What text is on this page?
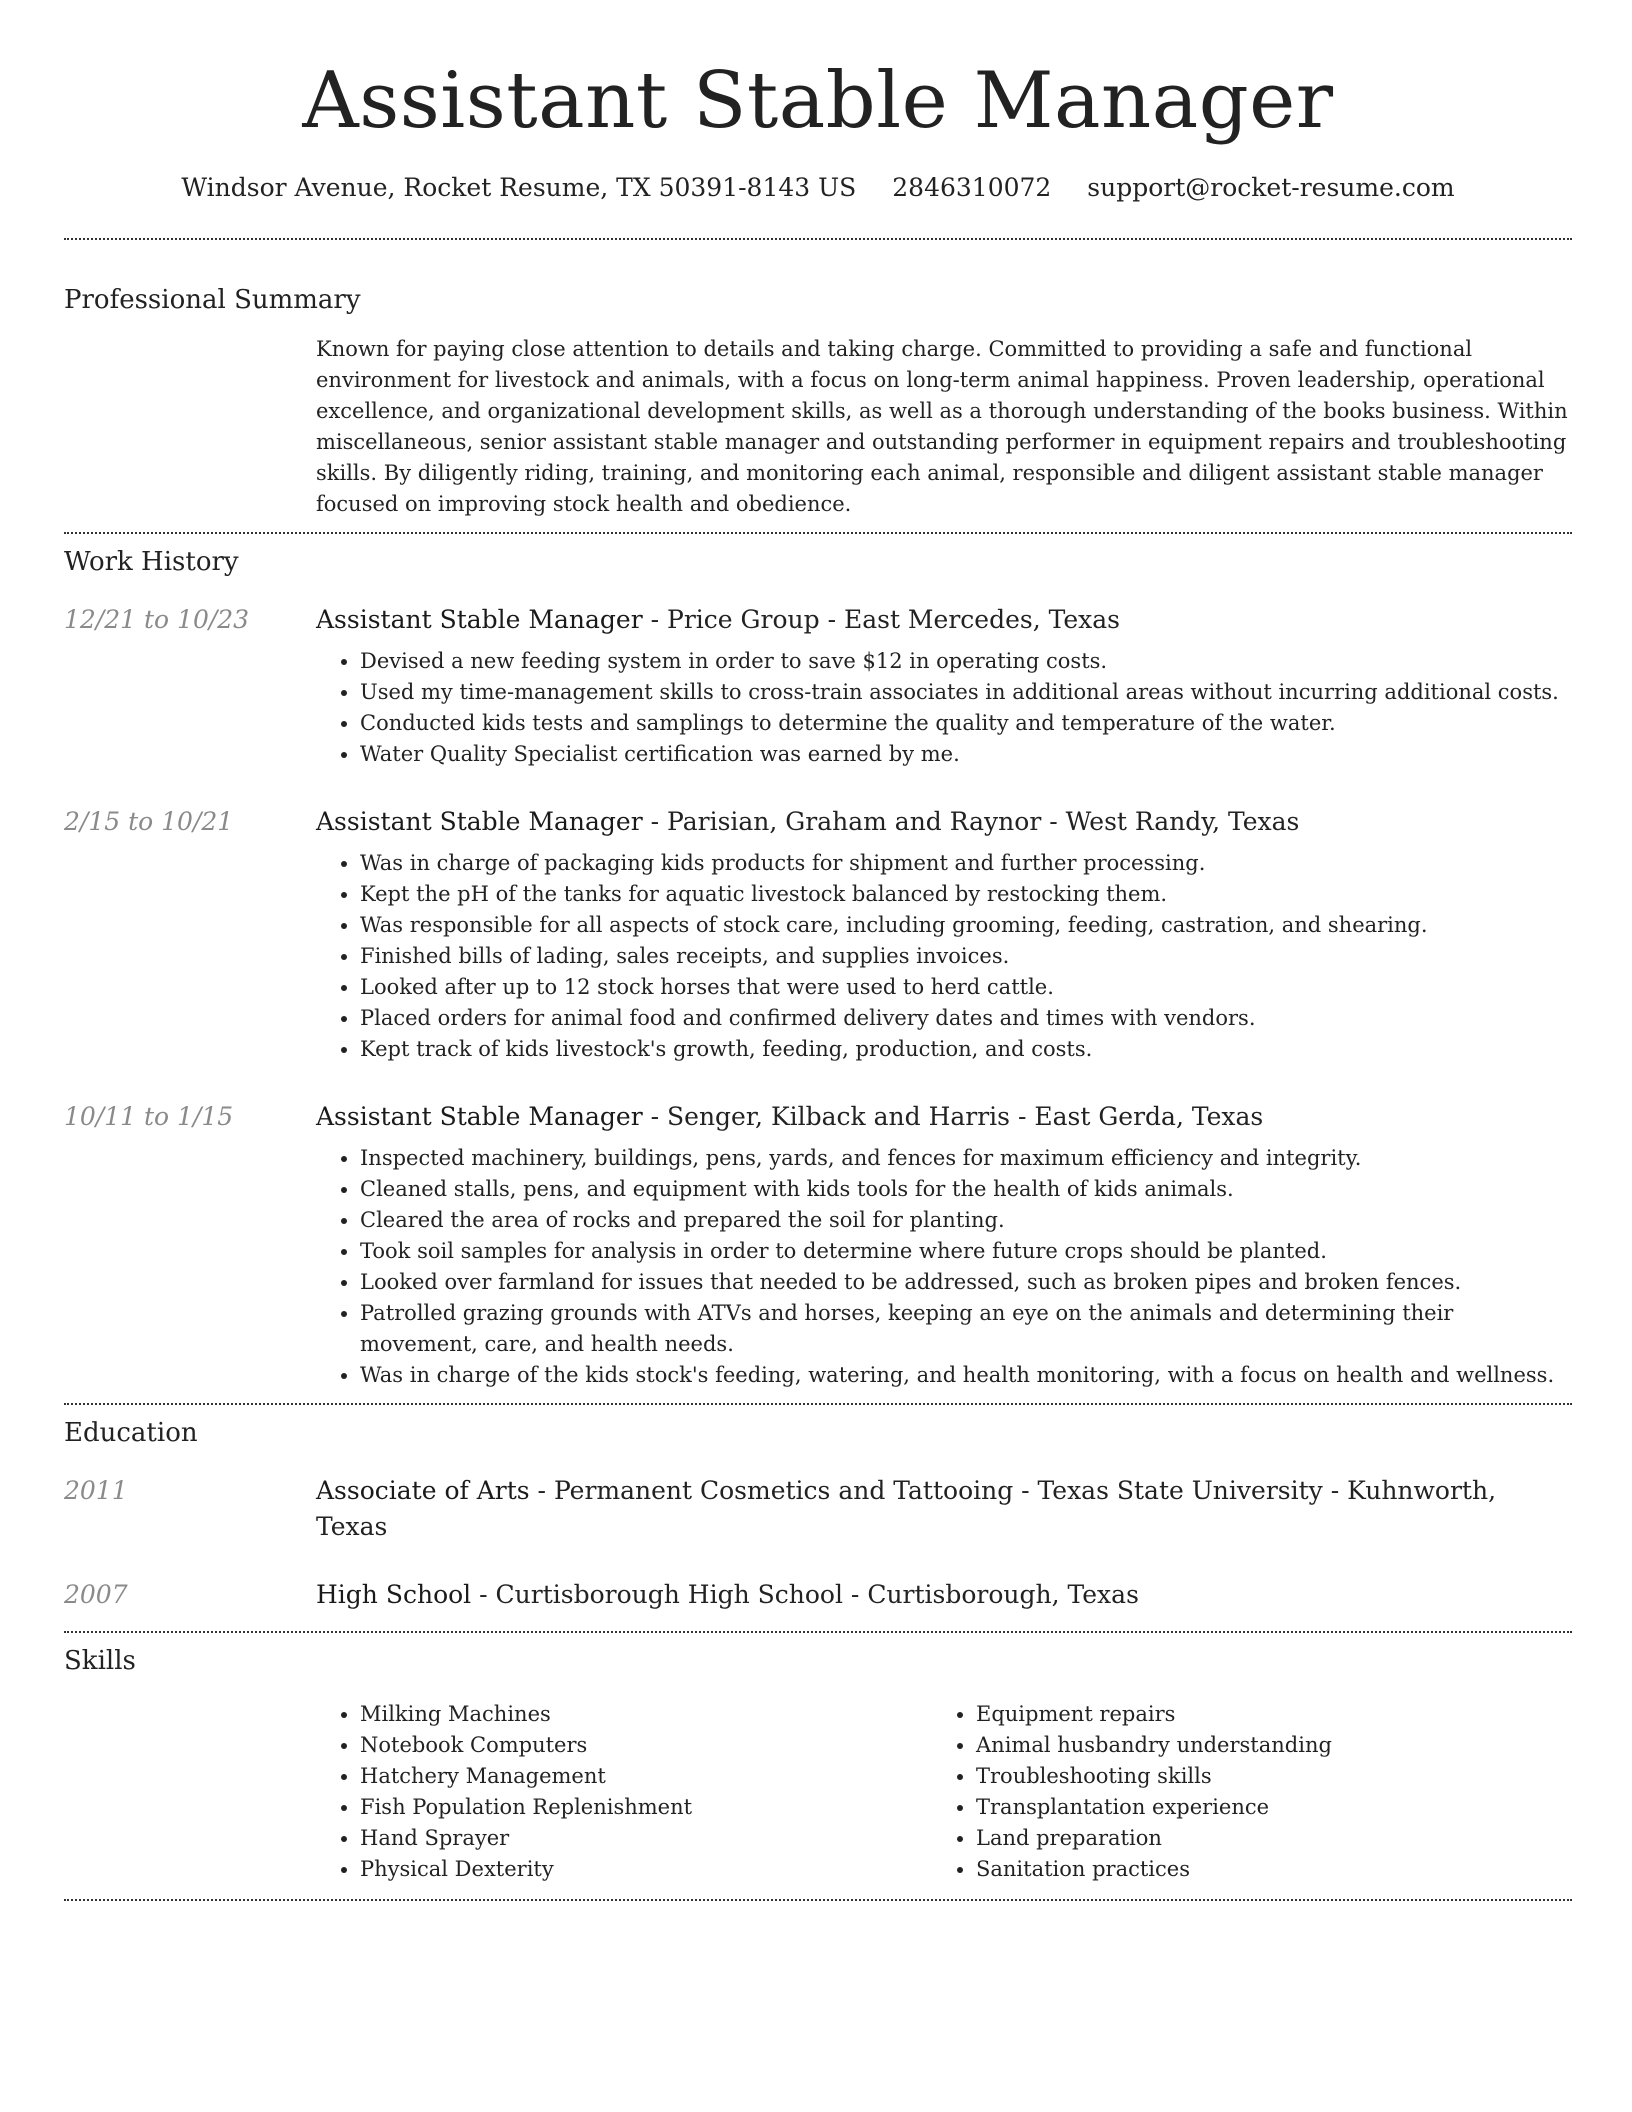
Assistant Stable Manager
Windsor Avenue, Rocket Resume, TX 50391-8143 US 2846310072 support@rocket-resume.com
Professional Summary
Known for paying close attention to details and taking charge. Committed to providing a safe and functional environment for livestock and animals, with a focus on long-term animal happiness. Proven leadership, operational excellence, and organizational development skills, as well as a thorough understanding of the books business. Within miscellaneous, senior assistant stable manager and outstanding performer in equipment repairs and troubleshooting skills. By diligently riding, training, and monitoring each animal, responsible and diligent assistant stable manager focused on improving stock health and obedience.
Work History
12/21 to 10/23	Assistant Stable Manager - Price Group - East Mercedes, Texas
• Devised a new feeding system in order to save $12 in operating costs.
• Used my time-management skills to cross-train associates in additional areas without incurring additional costs.
• Conducted kids tests and samplings to determine the quality and temperature of the water.
• Water Quality Specialist certification was earned by me.
2/15 to 10/21	Assistant Stable Manager - Parisian, Graham and Raynor - West Randy, Texas
• Was in charge of packaging kids products for shipment and further processing.
• Kept the pH of the tanks for aquatic livestock balanced by restocking them.
• Was responsible for all aspects of stock care, including grooming, feeding, castration, and shearing.
• Finished bills of lading, sales receipts, and supplies invoices.
• Looked after up to 12 stock horses that were used to herd cattle.
• Placed orders for animal food and confirmed delivery dates and times with vendors.
• Kept track of kids livestock's growth, feeding, production, and costs.
10/11 to 1/15	Assistant Stable Manager - Senger, Kilback and Harris - East Gerda, Texas
• Inspected machinery, buildings, pens, yards, and fences for maximum efficiency and integrity.
• Cleaned stalls, pens, and equipment with kids tools for the health of kids animals.
• Cleared the area of rocks and prepared the soil for planting.
• Took soil samples for analysis in order to determine where future crops should be planted.
• Looked over farmland for issues that needed to be addressed, such as broken pipes and broken fences.
• Patrolled grazing grounds with ATVs and horses, keeping an eye on the animals and determining their movement, care, and health needs.
• Was in charge of the kids stock's feeding, watering, and health monitoring, with a focus on health and wellness.
Education
2011	Associate of Arts - Permanent Cosmetics and Tattooing - Texas State University - Kuhnworth, Texas
2007	High School - Curtisborough High School - Curtisborough, Texas
Skills
• Milking Machines
• Notebook Computers
• Hatchery Management
• Fish Population Replenishment
• Hand Sprayer
• Physical Dexterity
• Equipment repairs
• Animal husbandry understanding
• Troubleshooting skills
• Transplantation experience
• Land preparation
• Sanitation practices
